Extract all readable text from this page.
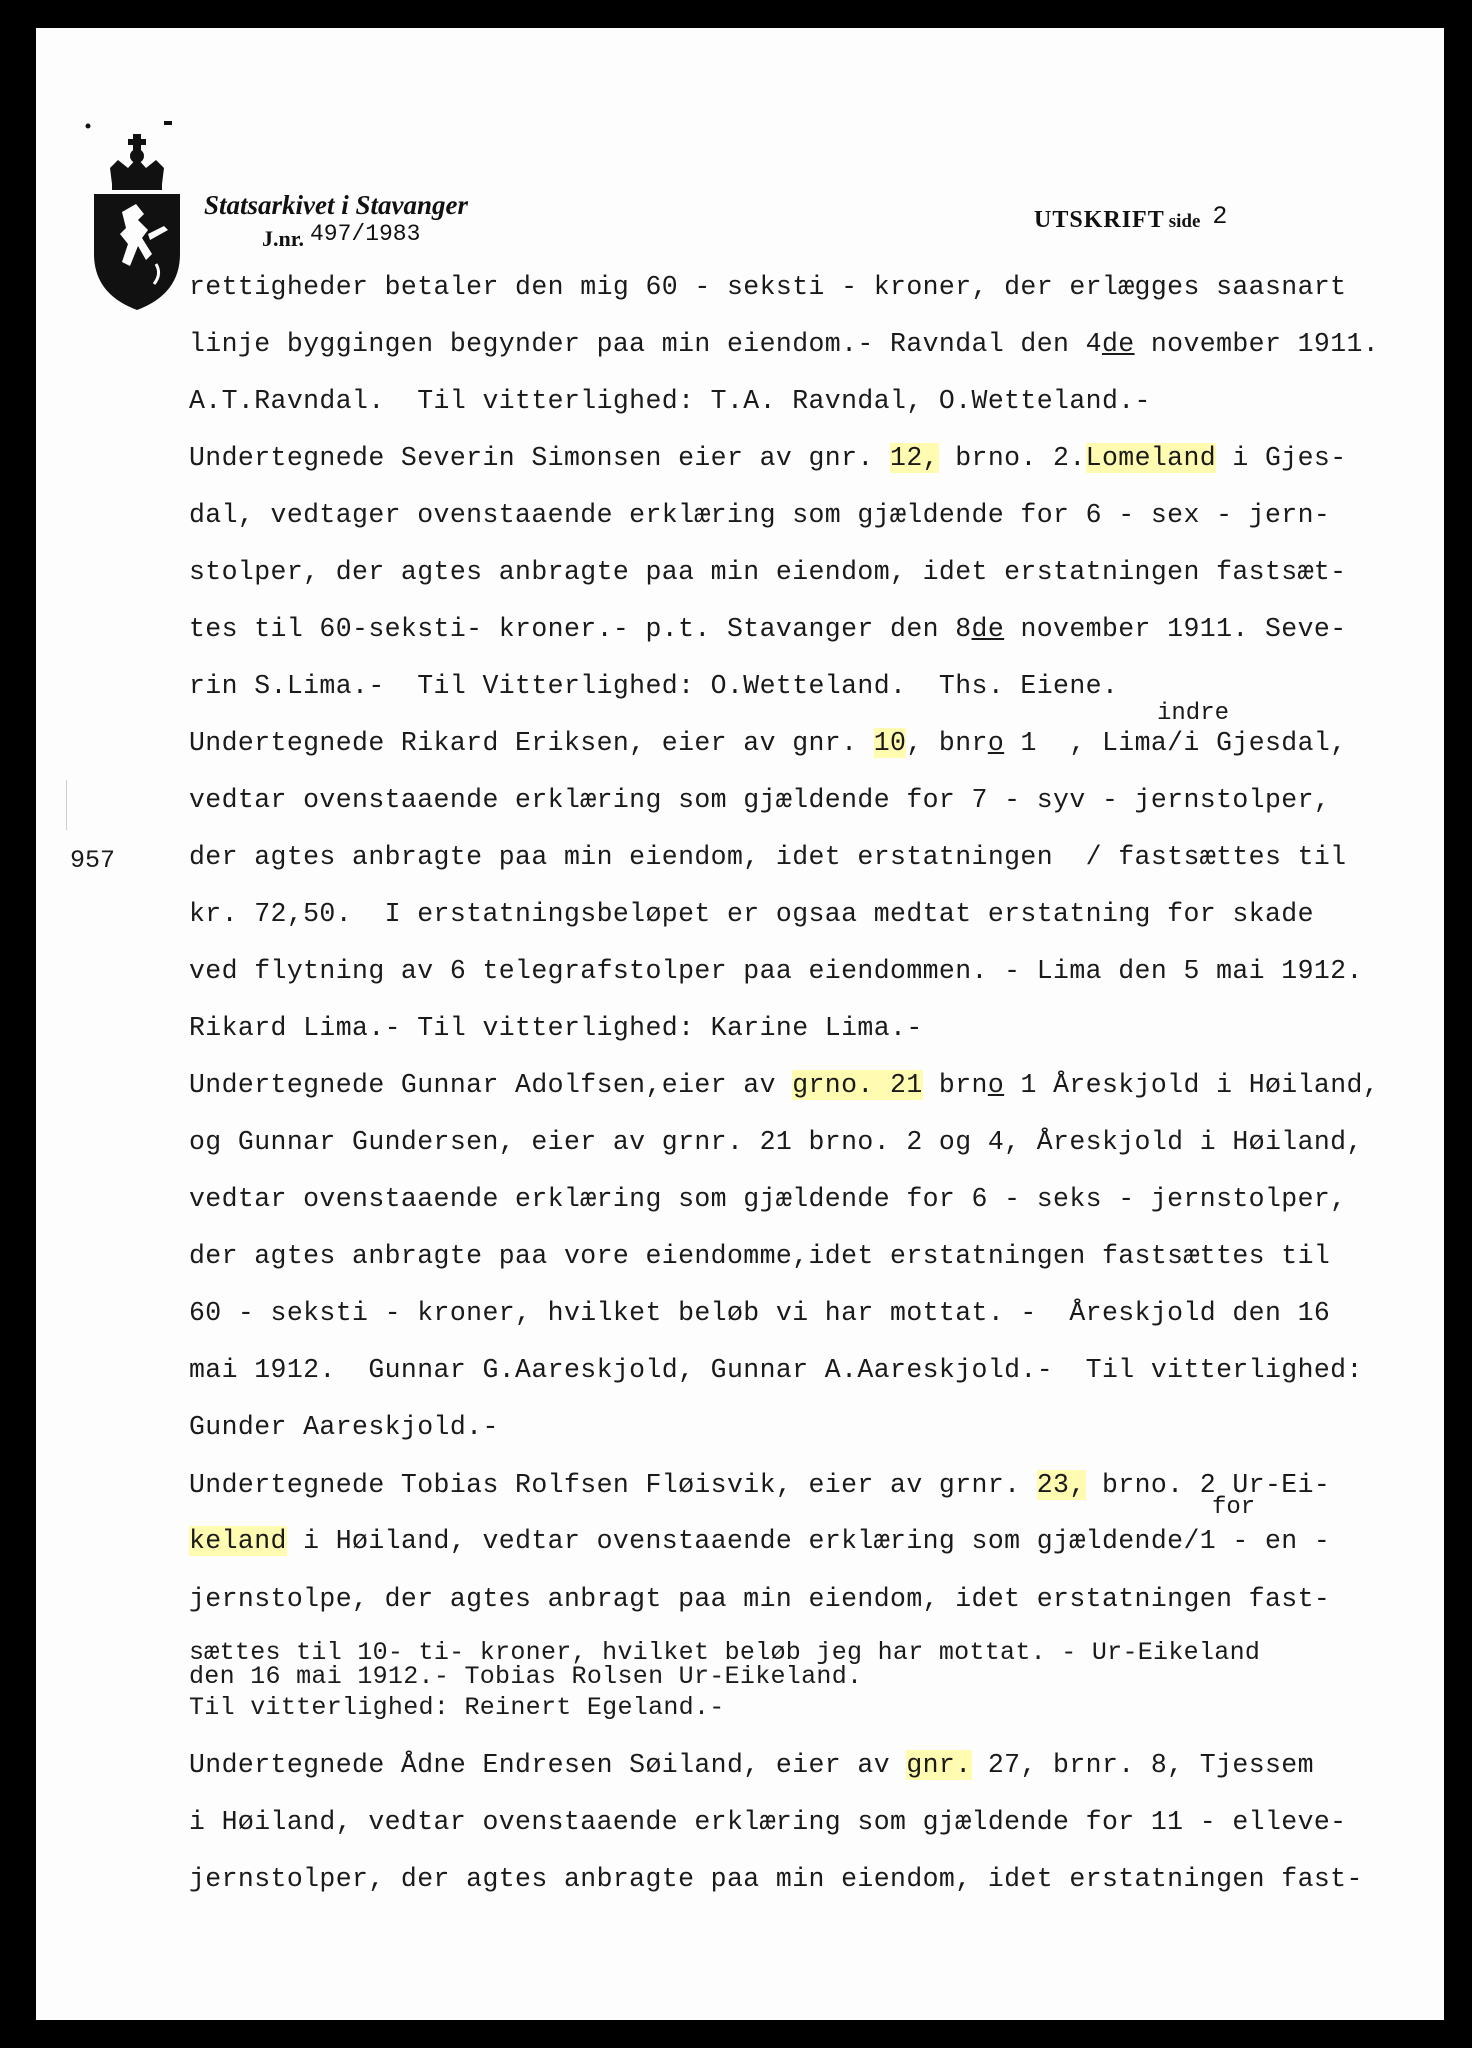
Statsarkivet i Stavanger
J.nr. 497/1983
UTSKRIFT side 2
957
indre
for
rettigheder betaler den mig 60 - seksti - kroner, der erlægges saasnart
linje byggingen begynder paa min eiendom.- Ravndal den 4de november 1911.
A.T.Ravndal.  Til vitterlighed: T.A. Ravndal, O.Wetteland.-
Undertegnede Severin Simonsen eier av gnr. 12, brno. 2.Lomeland i Gjes-
dal, vedtager ovenstaaende erklæring som gjældende for 6 - sex - jern-
stolper, der agtes anbragte paa min eiendom, idet erstatningen fastsæt-
tes til 60-seksti- kroner.- p.t. Stavanger den 8de november 1911. Seve-
rin S.Lima.-  Til Vitterlighed: O.Wetteland.  Ths. Eiene.
Undertegnede Rikard Eriksen, eier av gnr. 10, bnro 1  , Lima/i Gjesdal,
vedtar ovenstaaende erklæring som gjældende for 7 - syv - jernstolper,
der agtes anbragte paa min eiendom, idet erstatningen  / fastsættes til
kr. 72,50.  I erstatningsbeløpet er ogsaa medtat erstatning for skade
ved flytning av 6 telegrafstolper paa eiendommen. - Lima den 5 mai 1912.
Rikard Lima.- Til vitterlighed: Karine Lima.-
Undertegnede Gunnar Adolfsen,eier av grno. 21 brno 1 Åreskjold i Høiland,
og Gunnar Gundersen, eier av grnr. 21 brno. 2 og 4, Åreskjold i Høiland,
vedtar ovenstaaende erklæring som gjældende for 6 - seks - jernstolper,
der agtes anbragte paa vore eiendomme,idet erstatningen fastsættes til
60 - seksti - kroner, hvilket beløb vi har mottat. -  Åreskjold den 16
mai 1912.  Gunnar G.Aareskjold, Gunnar A.Aareskjold.-  Til vitterlighed:
Gunder Aareskjold.-
Undertegnede Tobias Rolfsen Fløisvik, eier av grnr. 23, brno. 2 Ur-Ei-
keland i Høiland, vedtar ovenstaaende erklæring som gjældende/1 - en -
jernstolpe, der agtes anbragt paa min eiendom, idet erstatningen fast-
sættes til 10- ti- kroner, hvilket beløb jeg har mottat. - Ur-Eikeland
den 16 mai 1912.- Tobias Rolsen Ur-Eikeland.
Til vitterlighed: Reinert Egeland.-
Undertegnede Ådne Endresen Søiland, eier av gnr. 27, brnr. 8, Tjessem
i Høiland, vedtar ovenstaaende erklæring som gjældende for 11 - elleve-
jernstolper, der agtes anbragte paa min eiendom, idet erstatningen fast-
